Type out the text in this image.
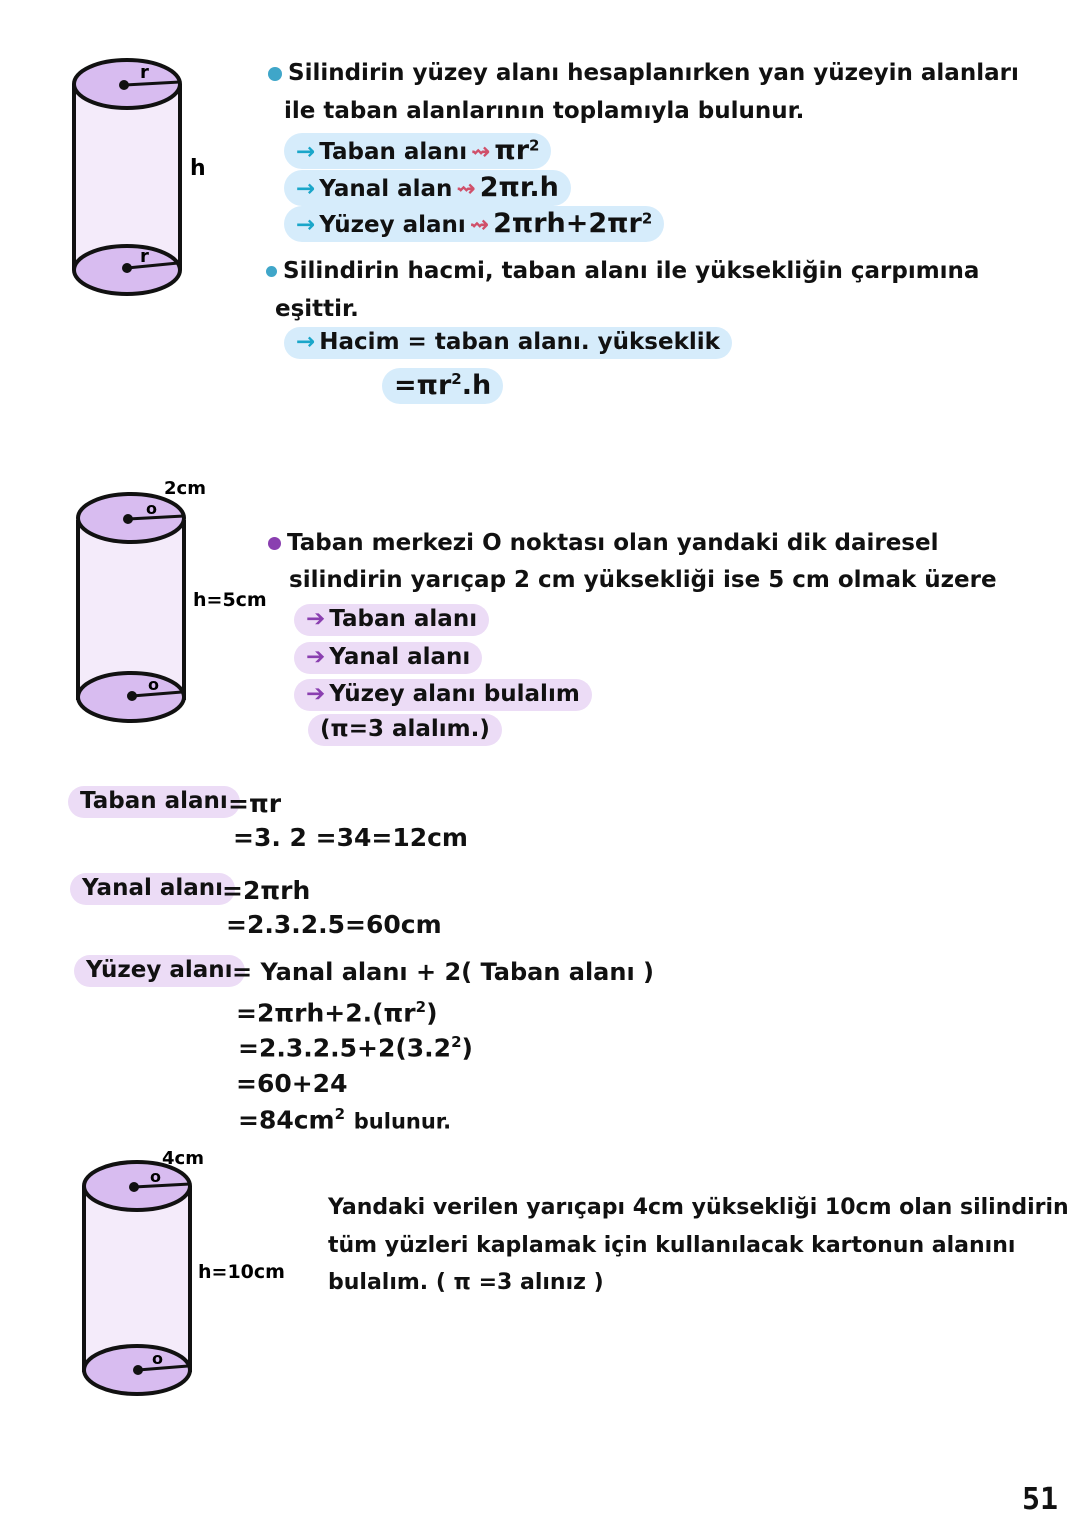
r
r
h
Silindirin yüzey alanı hesaplanırken yan yüzeyin alanları
ile taban alanlarının toplamıyla bulunur.
→ Taban alanı ⇝ $\pi r^2$
→ Yanal alan ⇝ 2πr.h
→ Yüzey alanı ⇝ $2\pi rh+2\pi r^2$
Silindirin hacmi, taban alanı ile yüksekliğin çarpımına
eşittir.
→ Hacim = taban alanı. yükseklik
$=\pi r^2.h$
2cm
o
o
h=5cm
Taban merkezi O noktası olan yandaki dik dairesel
silindirin yarıçap 2 cm yüksekliği ise 5 cm olmak üzere
➔ Taban alanı
➔ Yanal alanı
➔ Yüzey alanı bulalım
(π=3 alalım.)
Taban alanı =πr
=3. 2 =34=12cm
Yanal alanı
=2πrh
=2.3.2.5=60cm
Yüzey alanı = Yanal alanı + 2( Taban alanı )
$=2\pi rh+2.(\pi r^2)$
$=2.3.2.5+2(3.2^2)$
=60+24
$=84cm^2$ bulunur.
4cm
o
o
h=10cm
Yandaki verilen yarıçapı 4cm yüksekliği 10cm olan silindirin
tüm yüzleri kaplamak için kullanılacak kartonun alanını
bulalım. ( π =3 alınız )
51
